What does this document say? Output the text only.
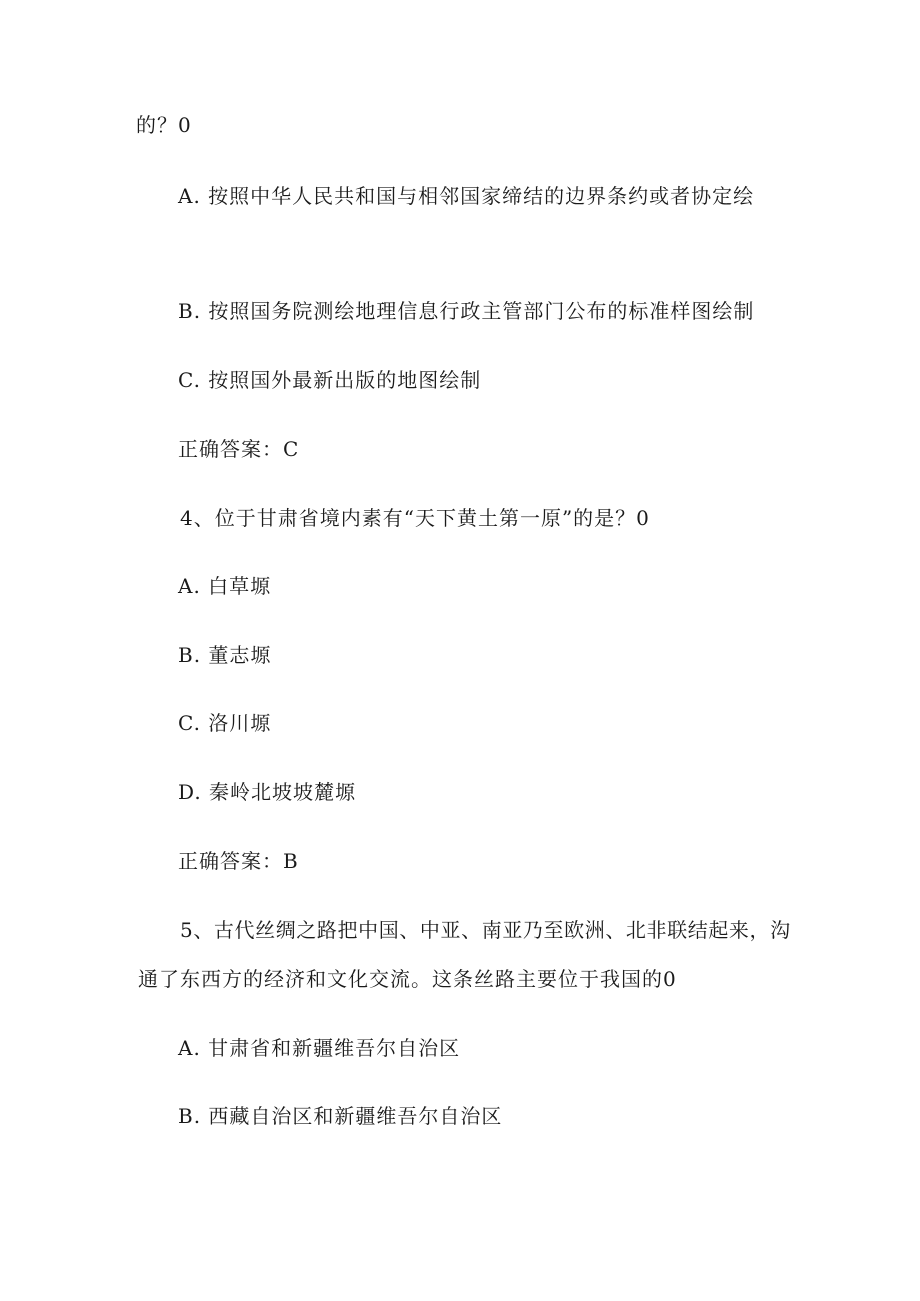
的？0
A. 按照中华人民共和国与相邻国家缔结的边界条约或者协定绘
B. 按照国务院测绘地理信息行政主管部门公布的标准样图绘制
C. 按照国外最新出版的地图绘制
正确答案：C
4、位于甘肃省境内素有“天下黄土第一原”的是？0
A. 白草塬
B. 董志塬
C. 洛川塬
D. 秦岭北坡坡麓塬
正确答案：B
5、古代丝绸之路把中国、中亚、南亚乃至欧洲、北非联结起来，沟
通了东西方的经济和文化交流。这条丝路主要位于我国的0
A. 甘肃省和新疆维吾尔自治区
B. 西藏自治区和新疆维吾尔自治区
